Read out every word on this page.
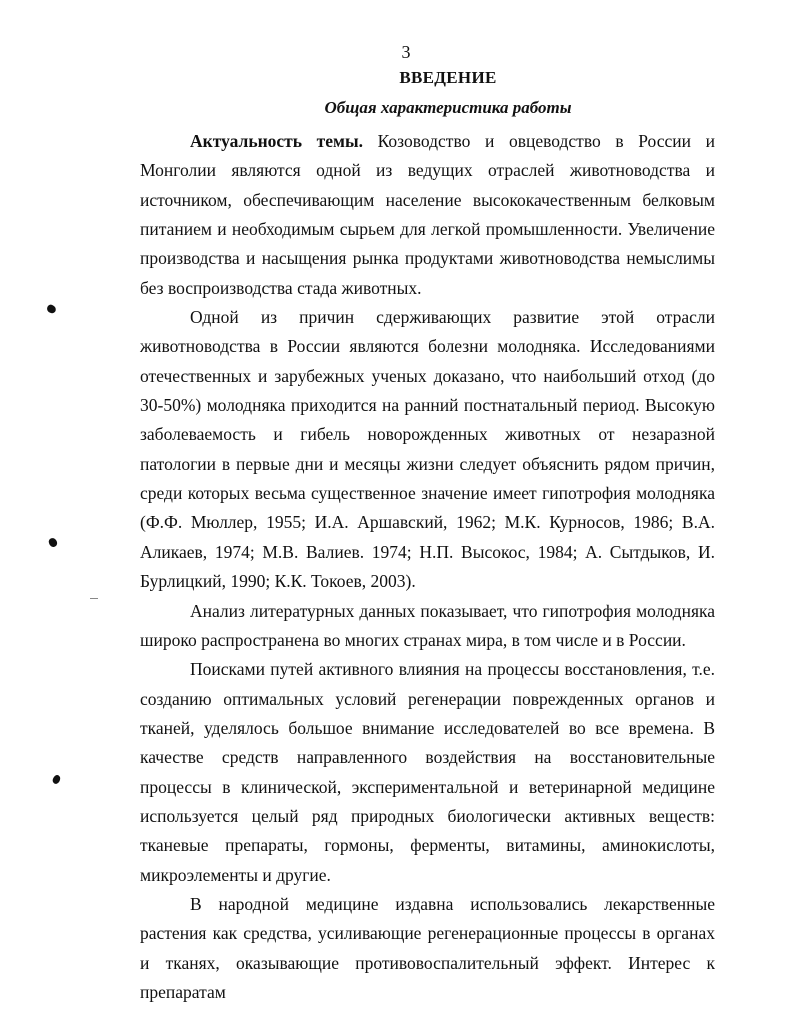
3
ВВЕДЕНИЕ
Общая характеристика работы

Актуальность темы. Козоводство и овцеводство в России и Монголии являются одной из ведущих отраслей животноводства и источником, обеспечивающим население высококачественным белковым питанием и необходимым сырьем для легкой промышленности. Увеличение производства и насыщения рынка продуктами животноводства немыслимы без воспроизводства стада животных.

Одной из причин сдерживающих развитие этой отрасли животноводства в России являются болезни молодняка. Исследованиями отечественных и зарубежных ученых доказано, что наибольший отход (до 30-50%) молодняка приходится на ранний постнатальный период. Высокую заболеваемость и гибель новорожденных животных от незаразной патологии в первые дни и месяцы жизни следует объяснить рядом причин, среди которых весьма существенное значение имеет гипотрофия молодняка (Ф.Ф. Мюллер, 1955; И.А. Аршавский, 1962; М.К. Курносов, 1986; В.А. Аликаев, 1974; М.В. Валиев. 1974; Н.П. Высокос, 1984; А. Сытдыков, И. Бурлицкий, 1990; К.К. Токоев, 2003).

Анализ литературных данных показывает, что гипотрофия молодняка широко распространена во многих странах мира, в том числе и в России.

Поисками путей активного влияния на процессы восстановления, т.е. созданию оптимальных условий регенерации поврежденных органов и тканей, уделялось большое внимание исследователей во все времена. В качестве средств направленного воздействия на восстановительные процессы в клинической, экспериментальной и ветеринарной медицине используется целый ряд природных биологически активных веществ: тканевые препараты, гормоны, ферменты, витамины, аминокислоты, микроэлементы и другие.

В народной медицине издавна использовались лекарственные растения как средства, усиливающие регенерационные процессы в органах и тканях, оказывающие противовоспалительный эффект. Интерес к препаратам
